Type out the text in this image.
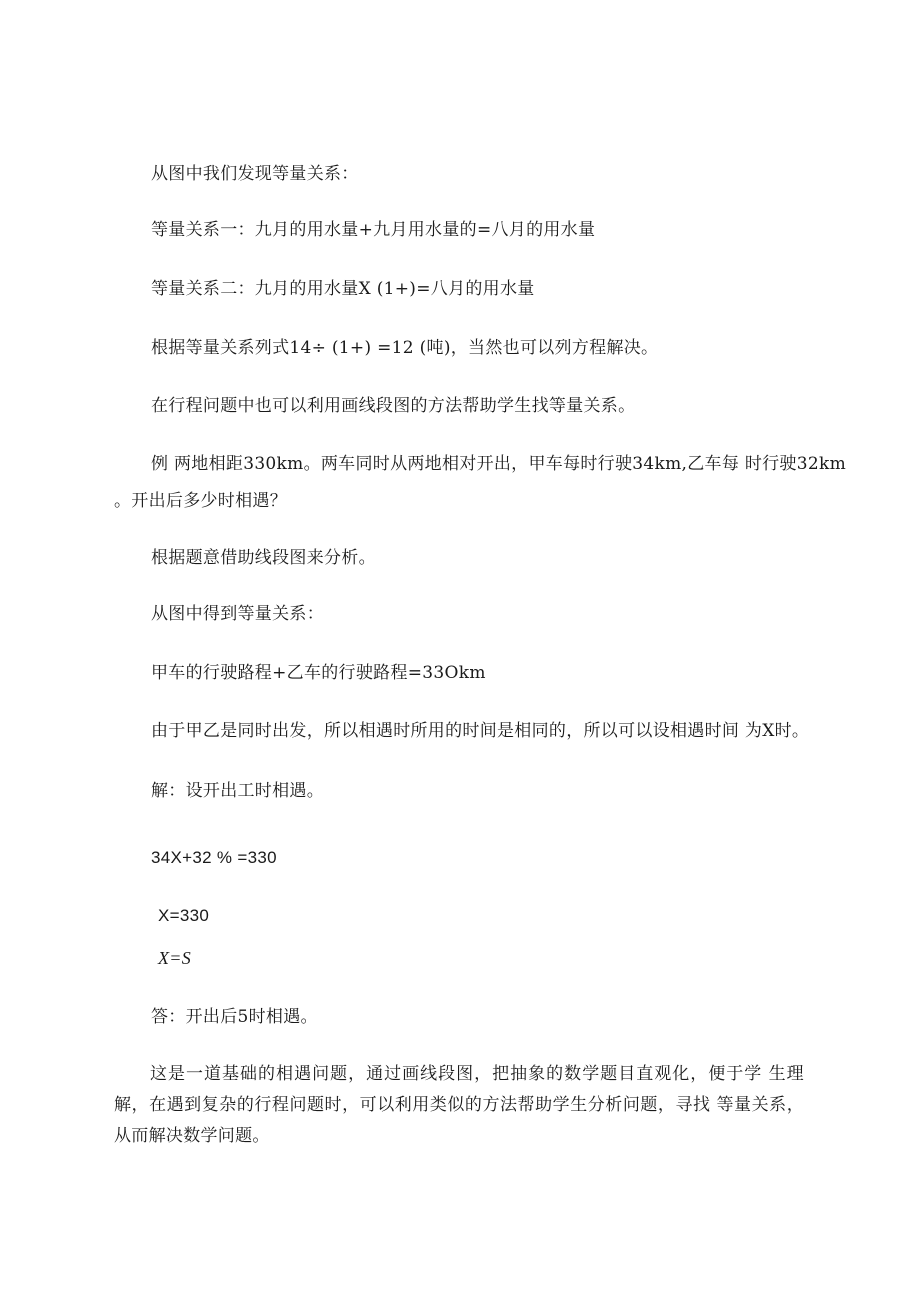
从图中我们发现等量关系：
等量关系一：九月的用水量+九月用水量的=八月的用水量
等量关系二：九月的用水量X (1+)=八月的用水量
根据等量关系列式14÷ (1+) =12 (吨)，当然也可以列方程解决。
在行程问题中也可以利用画线段图的方法帮助学生找等量关系。
例 两地相距330km。两车同时从两地相对开出，甲车每时行驶34km,乙车每 时行驶32km
。开出后多少时相遇？
根据题意借助线段图来分析。
从图中得到等量关系：
甲车的行驶路程+乙车的行驶路程=33Okm
由于甲乙是同时出发，所以相遇时所用的时间是相同的，所以可以设相遇时间 为X时。
解：设开出工时相遇。
34X+32 % =330
X=330
X=S
答：开出后5时相遇。
这是一道基础的相遇问题，通过画线段图，把抽象的数学题目直观化，便于学 生理解，在遇到复杂的行程问题时，可以利用类似的方法帮助学生分析问题，寻找 等量关系，从而解决数学问题。
